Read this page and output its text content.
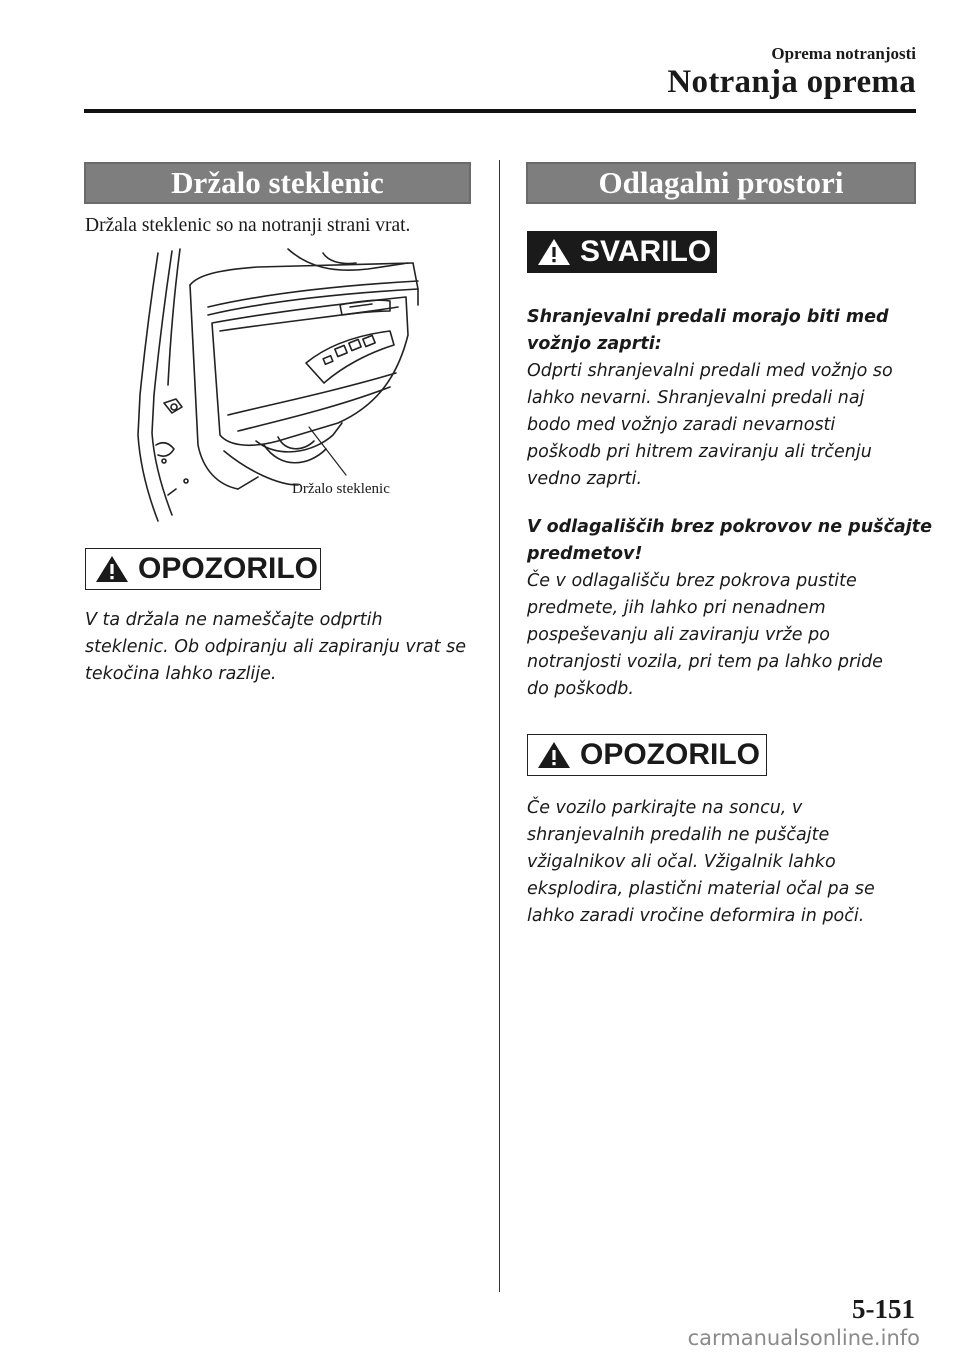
Oprema notranjosti
Notranja oprema
Držalo steklenic
Držala steklenic so na notranji strani vrat.
Držalo steklenic
OPOZORILO

V ta držala ne nameščajte odprtih

steklenic. Ob odpiranju ali zapiranju vrat se

tekočina lahko razlije.

Odlagalni prostori
SVARILO

Shranjevalni predali morajo biti med

vožnjo zaprti:

Odprti shranjevalni predali med vožnjo so

lahko nevarni. Shranjevalni predali naj

bodo med vožnjo zaradi nevarnosti

poškodb pri hitrem zaviranju ali trčenju

vedno zaprti.

V odlagališčih brez pokrovov ne puščajte

predmetov!

Če v odlagališču brez pokrova pustite

predmete, jih lahko pri nenadnem

pospeševanju ali zaviranju vrže po

notranjosti vozila, pri tem pa lahko pride

do poškodb.

OPOZORILO

Če vozilo parkirajte na soncu, v

shranjevalnih predalih ne puščajte

vžigalnikov ali očal. Vžigalnik lahko

eksplodira, plastični material očal pa se

lahko zaradi vročine deformira in poči.

5-151
carmanualsonline.info
